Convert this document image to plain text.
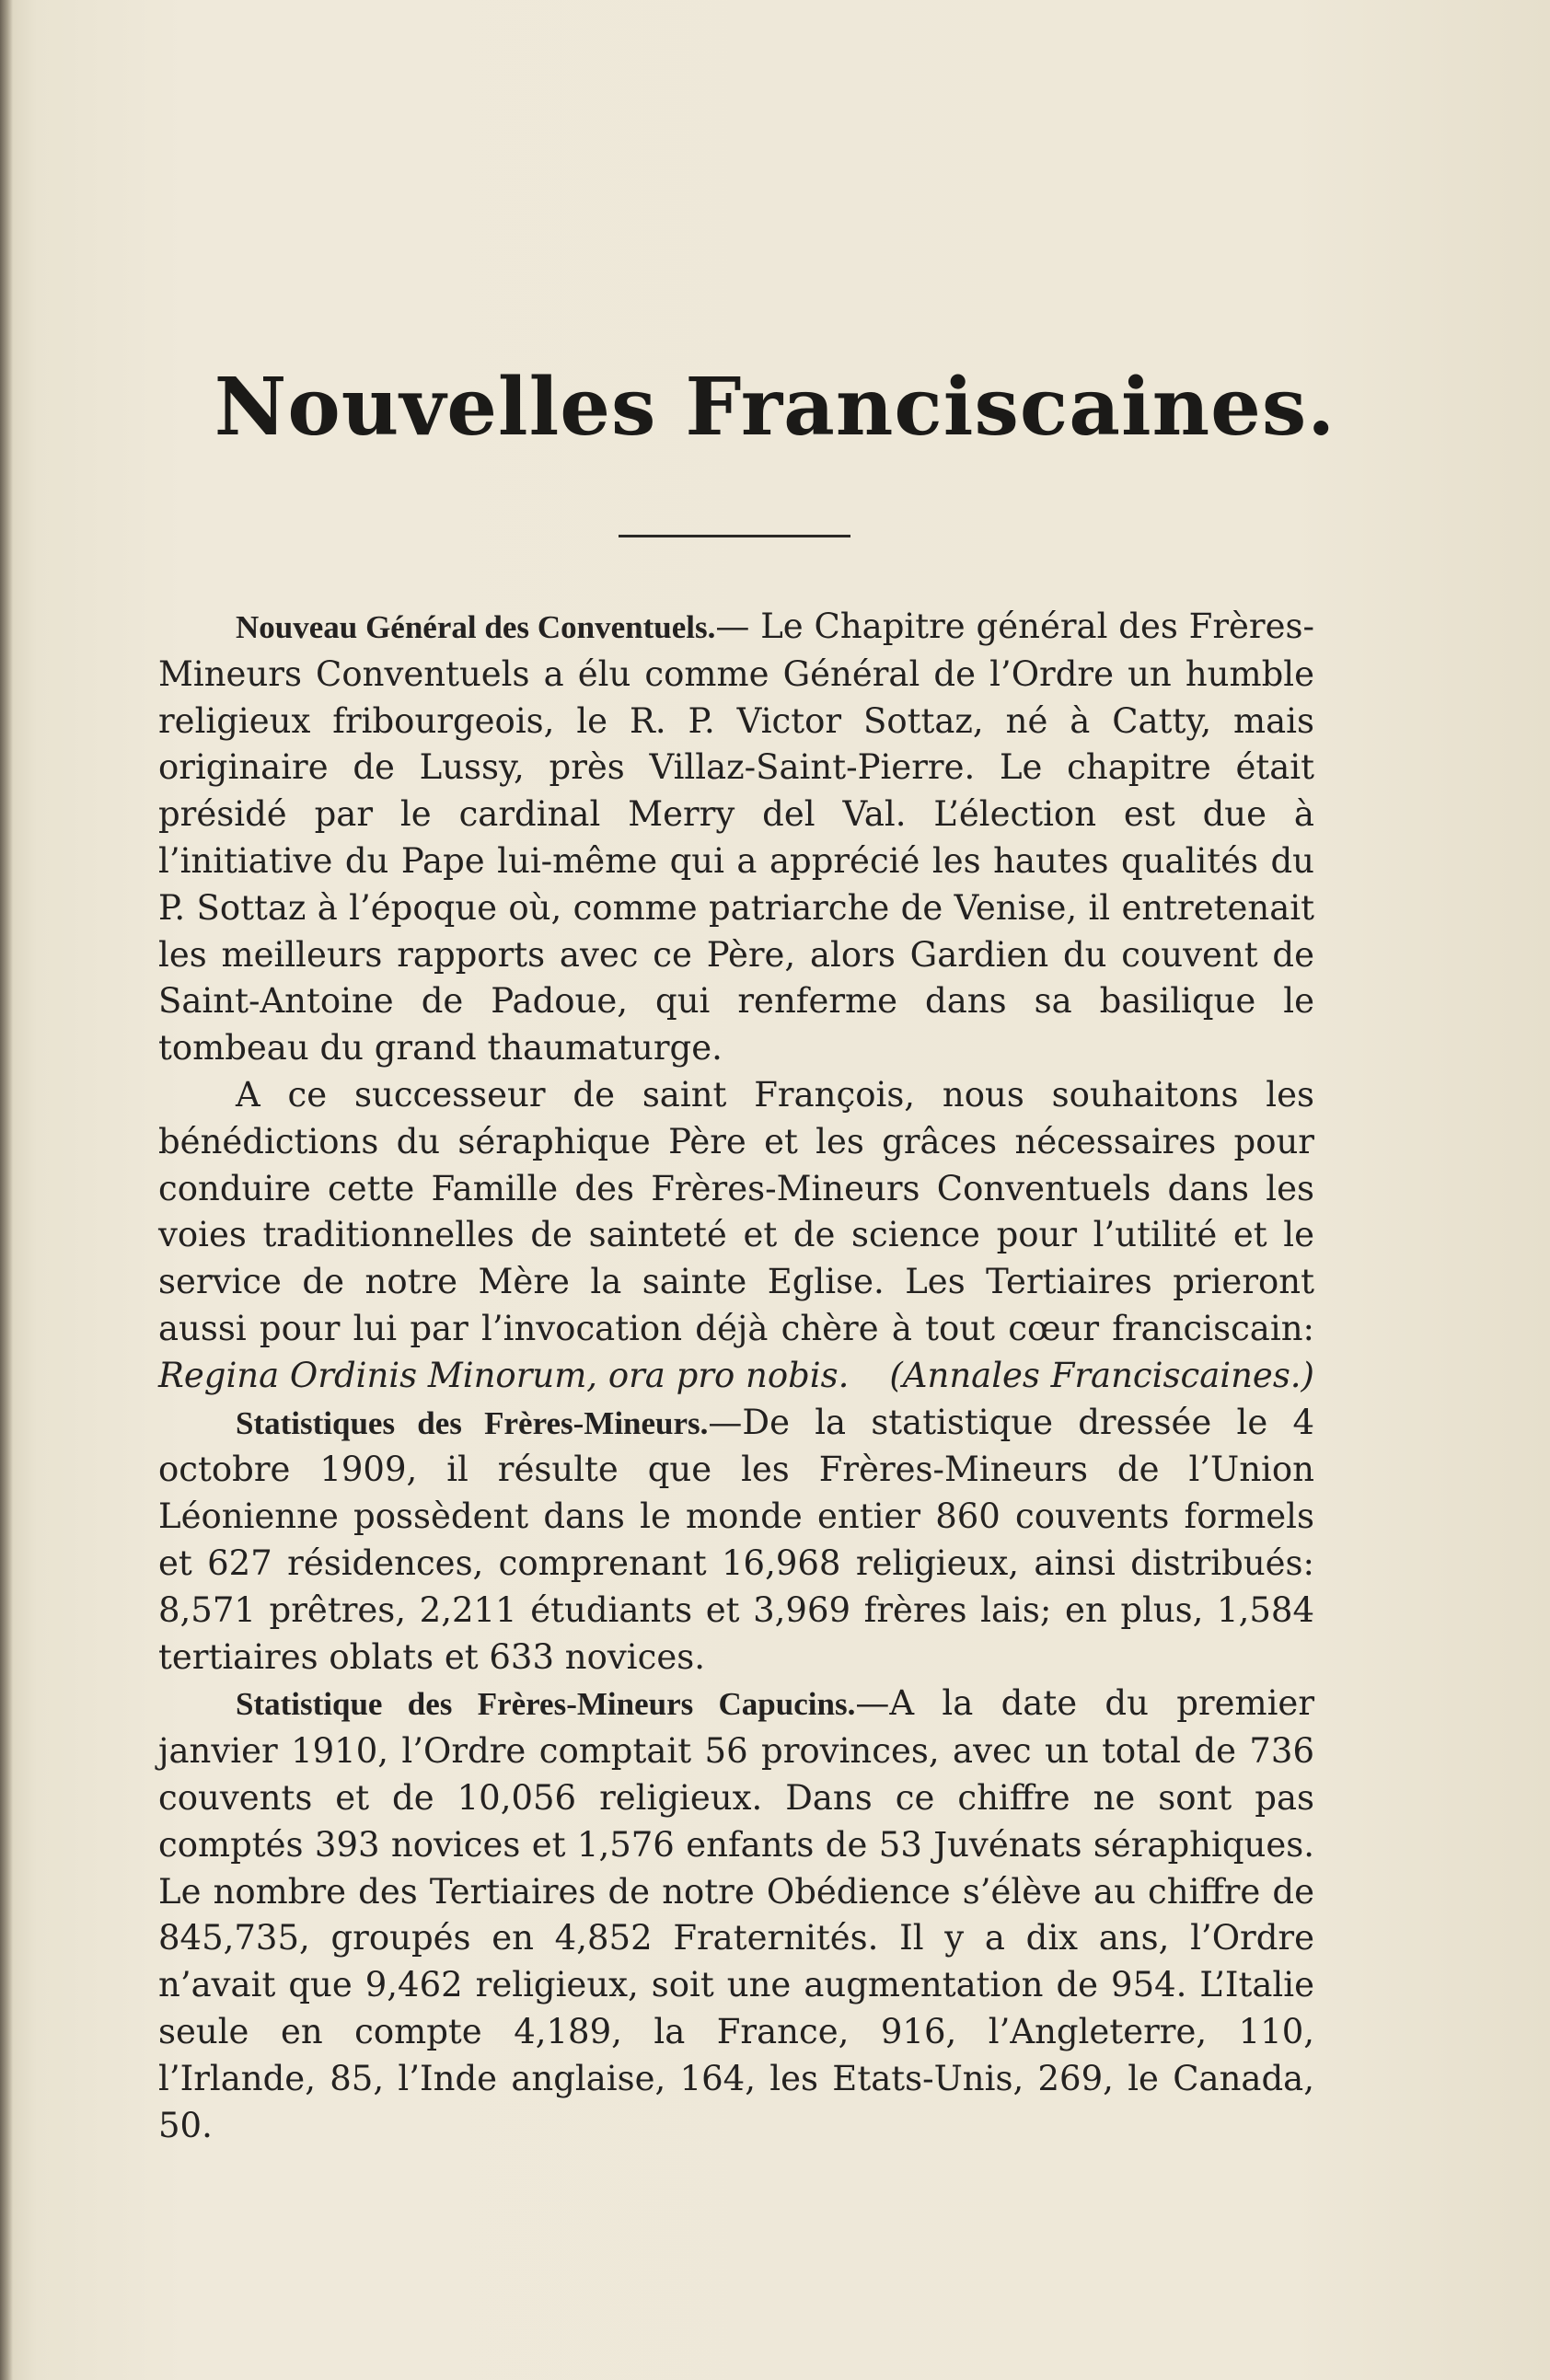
Nouvelles Franciscaines.

Nouveau Général des Conventuels.— Le Chapitre général des Frères-Mineurs Conventuels a élu comme Général de l’Ordre un humble religieux fribourgeois, le R. P. Victor Sottaz, né à Catty, mais originaire de Lussy, près Villaz-Saint-Pierre. Le chapitre était présidé par le cardinal Merry del Val. L’élection est due à l’initiative du Pape lui-même qui a apprécié les hautes qualités du P. Sottaz à l’époque où, comme patriarche de Venise, il entretenait les meilleurs rapports avec ce Père, alors Gardien du couvent de Saint-Antoine de Padoue, qui renferme dans sa basilique le tombeau du grand thaumaturge.

A ce successeur de saint François, nous souhaitons les bénédictions du séraphique Père et les grâces nécessaires pour conduire cette Famille des Frères-Mineurs Conventuels dans les voies traditionnelles de sainteté et de science pour l’utilité et le service de notre Mère la sainte Eglise. Les Tertiaires prieront aussi pour lui par l’invocation déjà chère à tout cœur franciscain: Regina Ordinis Minorum, ora pro nobis.	(Annales Franciscaines.)

Statistiques des Frères-Mineurs.—De la statistique dressée le 4 octobre 1909, il résulte que les Frères-Mineurs de l’Union Léonienne possèdent dans le monde entier 860 couvents formels et 627 résidences, comprenant 16,968 religieux, ainsi distribués: 8,571 prêtres, 2,211 étudiants et 3,969 frères lais; en plus, 1,584 tertiaires oblats et 633 novices.

Statistique des Frères-Mineurs Capucins.—A la date du premier janvier 1910, l’Ordre comptait 56 provinces, avec un total de 736 couvents et de 10,056 religieux. Dans ce chiffre ne sont pas comptés 393 novices et 1,576 enfants de 53 Juvénats séraphiques. Le nombre des Tertiaires de notre Obédience s’élève au chiffre de 845,735, groupés en 4,852 Fraternités. Il y a dix ans, l’Ordre n’avait que 9,462 religieux, soit une augmentation de 954. L’Italie seule en compte 4,189, la France, 916, l’Angleterre, 110, l’Irlande, 85, l’Inde anglaise, 164, les Etats-Unis, 269, le Canada, 50.
